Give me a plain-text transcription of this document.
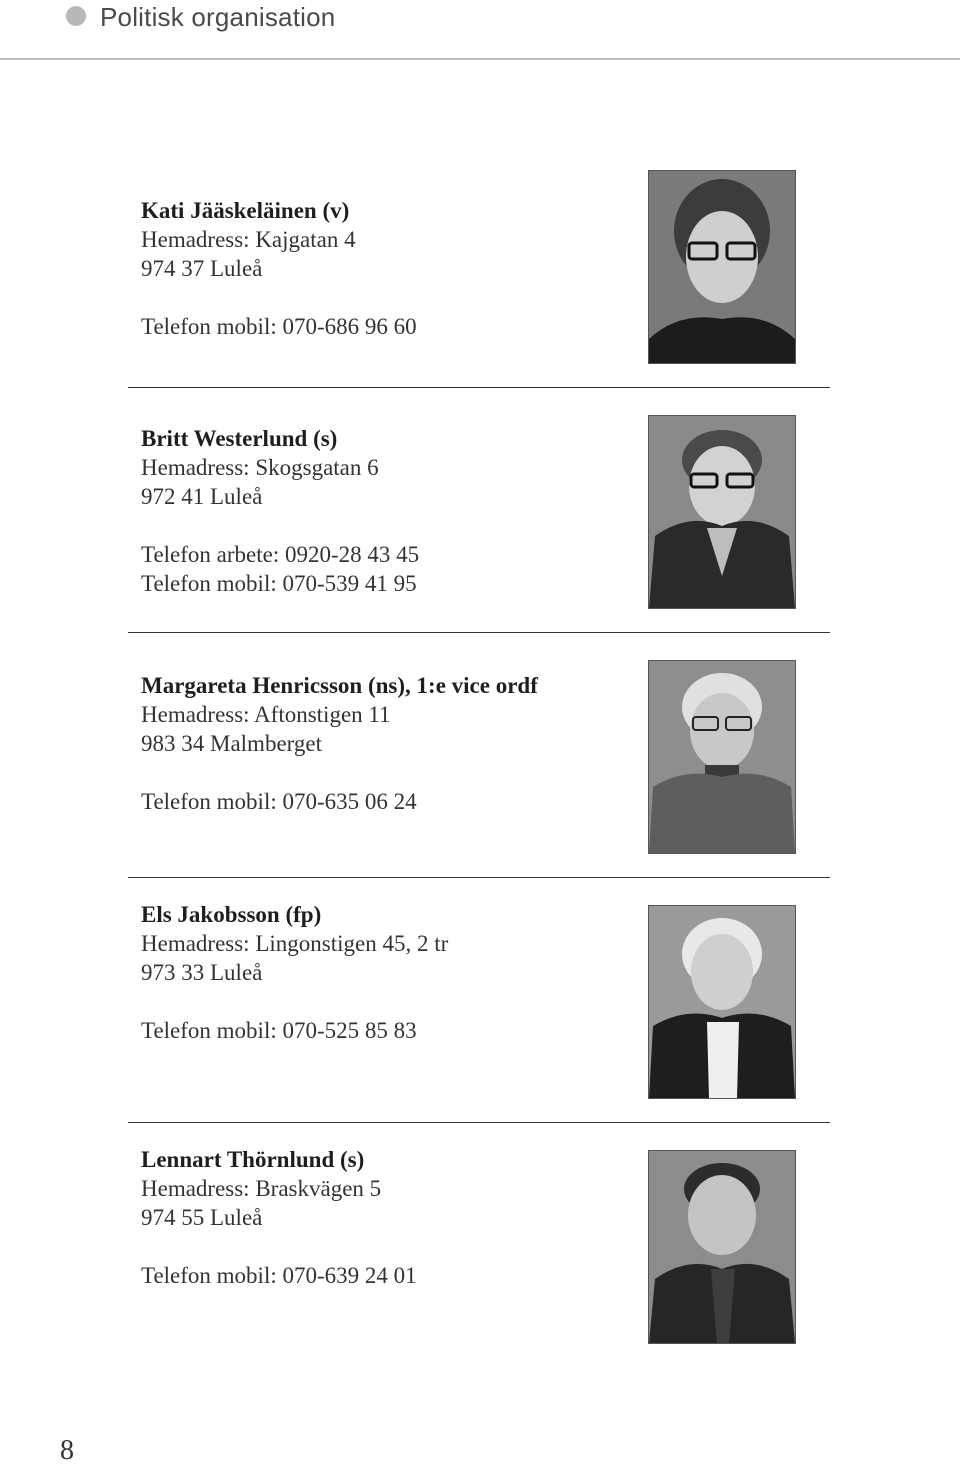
Politisk organisation
Kati Jääskeläinen (v)
Hemadress: Kajgatan 4
974 37 Luleå
Telefon mobil: 070-686 96 60
Britt Westerlund (s)
Hemadress: Skogsgatan 6
972 41 Luleå
Telefon arbete: 0920-28 43 45
Telefon mobil: 070-539 41 95
Margareta Henricsson (ns), 1:e vice ordf
Hemadress: Aftonstigen 11
983 34 Malmberget
Telefon mobil: 070-635 06 24
Els Jakobsson (fp)
Hemadress: Lingonstigen 45, 2 tr
973 33 Luleå
Telefon mobil: 070-525 85 83
Lennart Thörnlund (s)
Hemadress: Braskvägen 5
974 55 Luleå
Telefon mobil: 070-639 24 01
8
